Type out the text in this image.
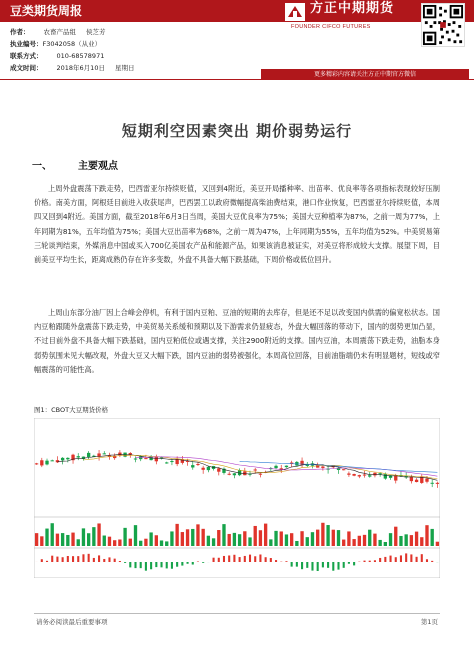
豆类期货周报	方正中期期货
FOUNDER CIFCO FUTURES
作者： 农畜产品组 侯芝芳
执业编号：F3042058（从业）
联系方式： 010-68578971
成文时间： 2018年6月10日 星期日
更多精彩内容请关注方正中期官方微信
短期利空因素突出 期价弱势运行
一、	主要观点
上周外盘震荡下跌走势，巴西雷亚尔持续贬值，又回到4附近，美豆开局播种率、出苗率、优良率等各项指标表现较好压制价格。南美方面，阿根廷目前进入收获尾声，巴西罢工以政府微幅提高柴油费结束，港口作业恢复，巴西雷亚尔持续贬值，本周四又回到4附近。美国方面，截至2018年6月3日当周，美国大豆优良率为75%；美国大豆种植率为87%，之前一周为77%，上年同期为81%，五年均值为75%；美国大豆出苗率为68%，之前一周为47%，上年同期为55%，五年均值为52%。中美贸易第三轮谈判结束，外媒消息中国或买入700亿美国农产品和能源产品，如果该消息被证实，对美豆将形成较大支撑。展望下周，目前美豆平均生长，距离成熟仍存在许多变数，外盘不具备大幅下跌基础，下周价格或低位回升。
上周山东部分油厂因上合峰会停机，有利于国内豆粕、豆油的短期的去库存，但是还不足以改变国内供需的偏宽松状态。国内豆粕跟随外盘震荡下跌走势，中美贸易关系缓和预期以及下游需求仍显疲态，外盘大幅回落的带动下，国内的弱势更加凸显，不过目前外盘不具备大幅下跌基础，国内豆粕低位或遇支撑，关注2900附近的支撑。国内豆油，本周震荡下跌走势，油脂本身弱势氛围未见大幅改观，外盘大豆又大幅下跌，国内豆油的弱势被强化，本周高位回落，目前油脂端仍未有明显题材，短线或窄幅震荡的可能性高。
图1：CBOT大豆期货价格
请务必阅读最后重要事项	第1页
